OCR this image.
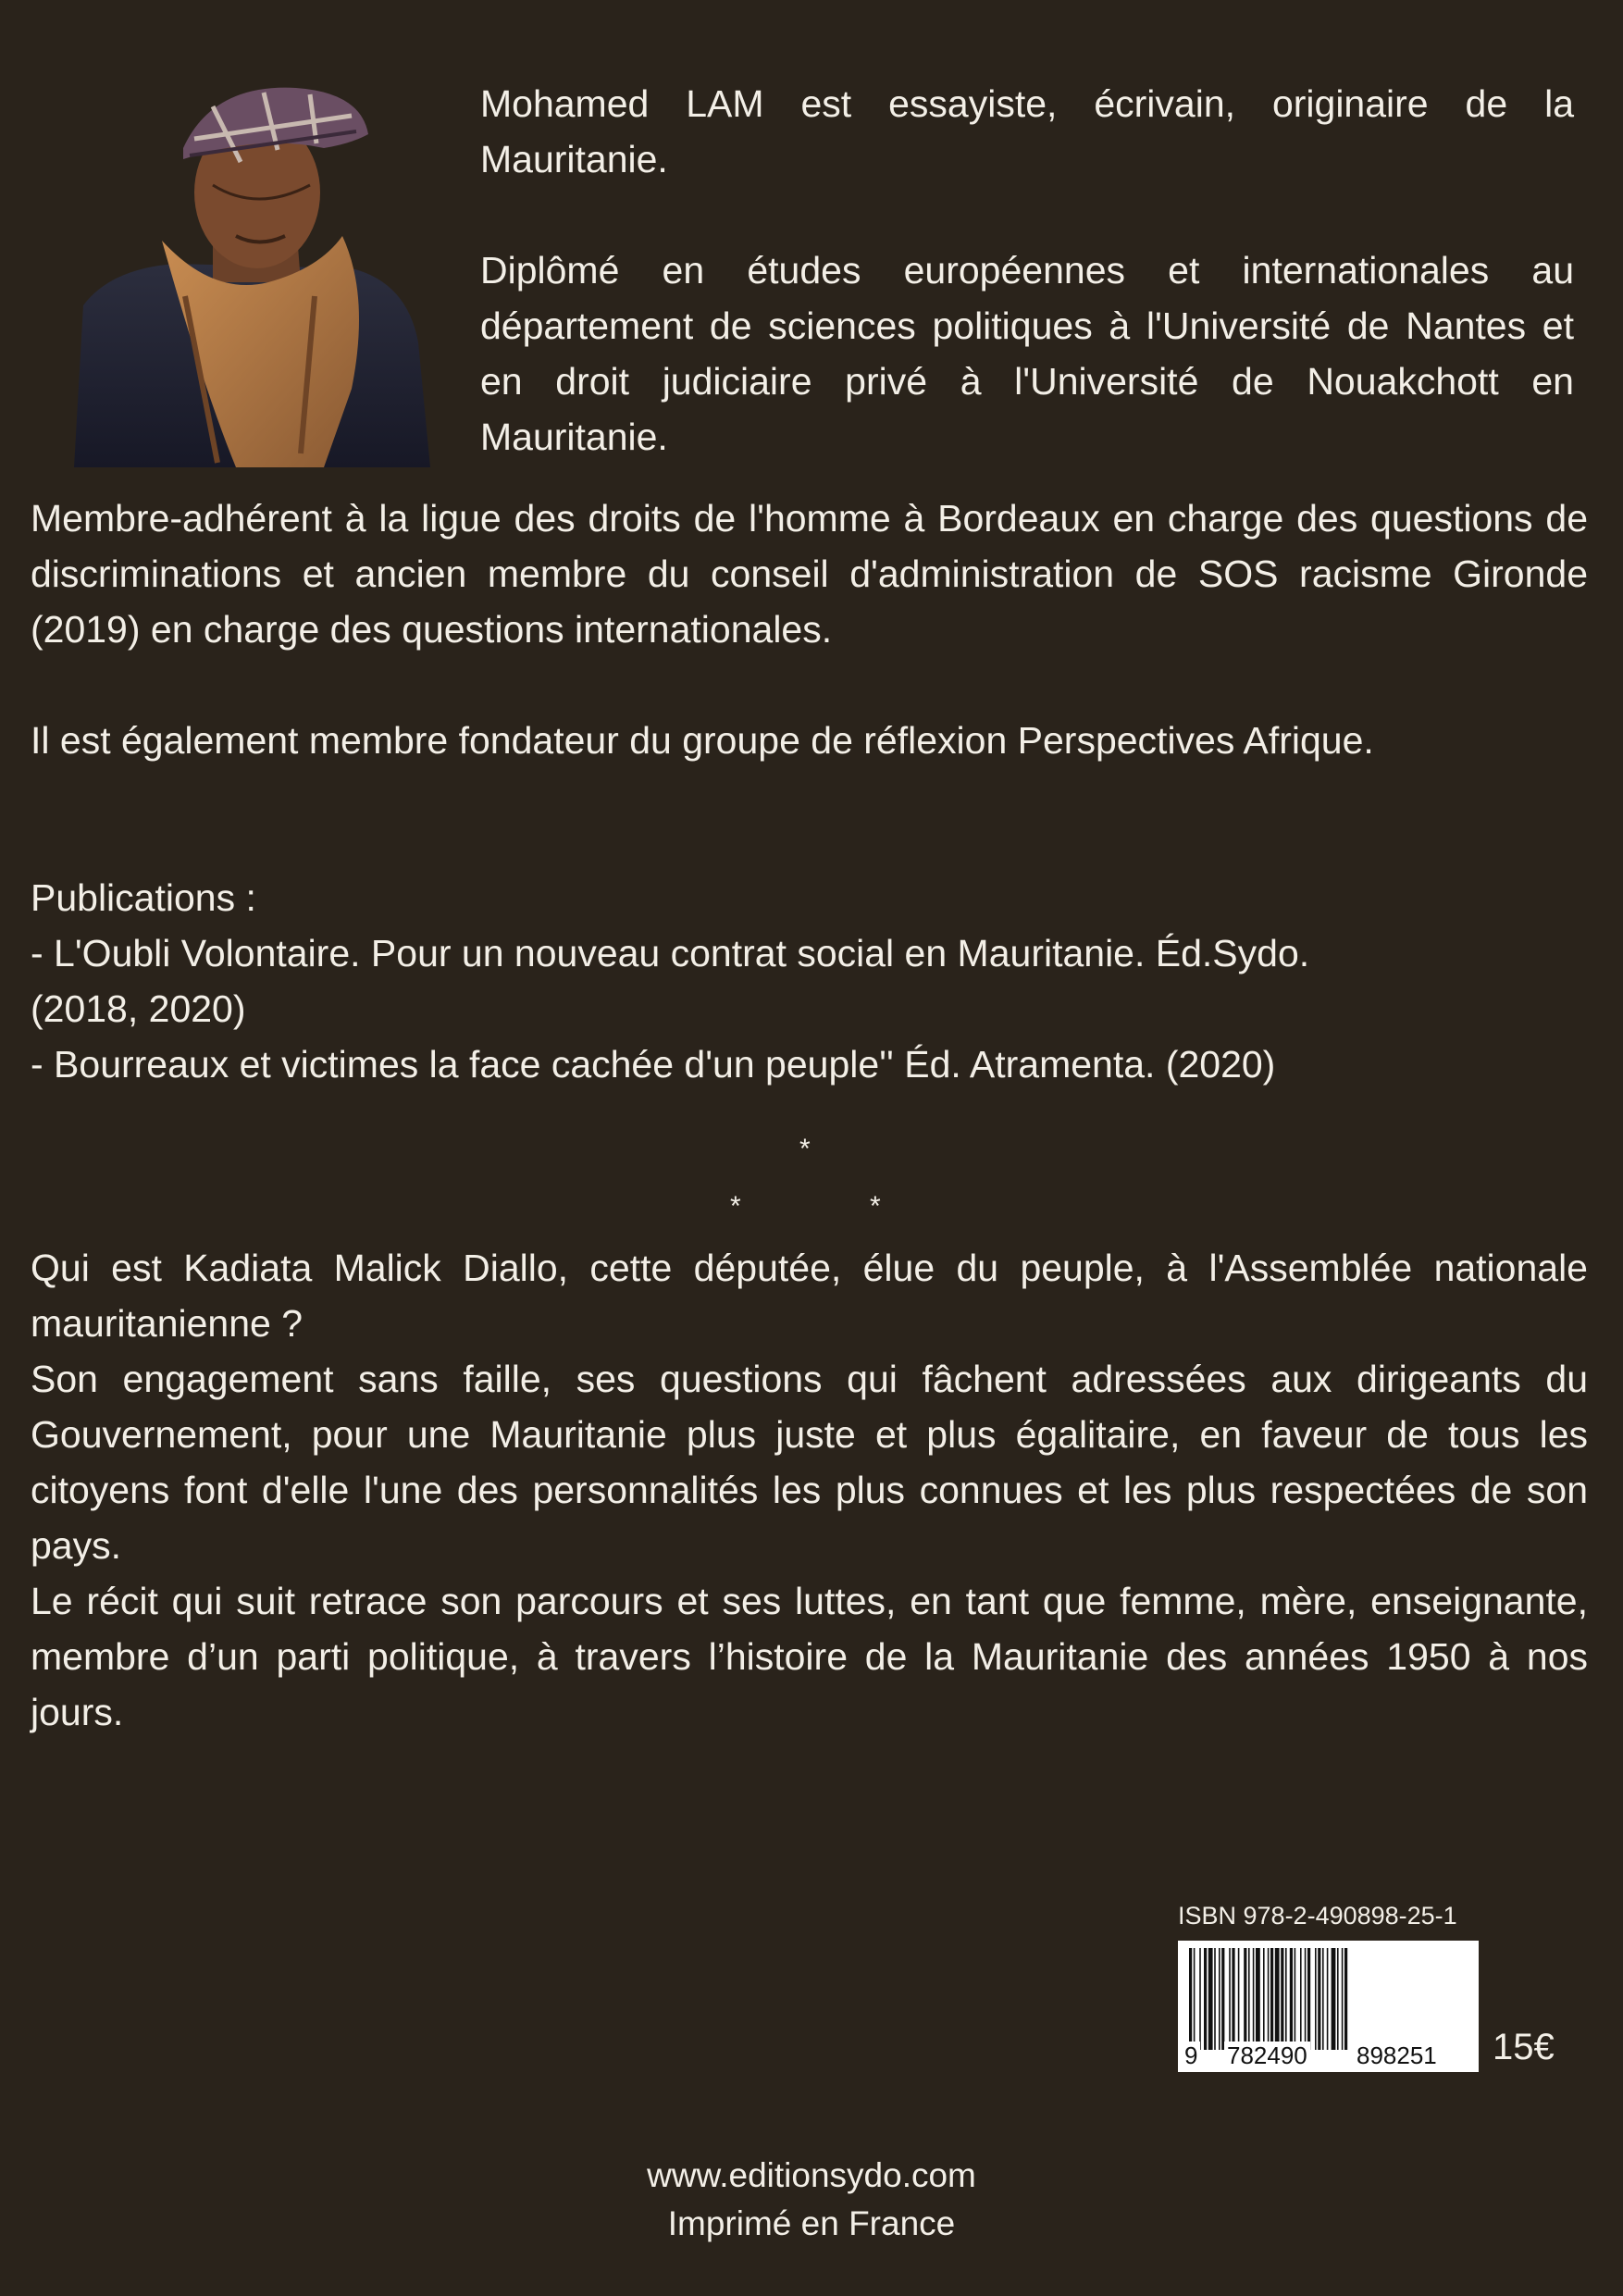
Mohamed LAM est essayiste, écrivain, originaire de la Mauritanie.

Diplômé en études européennes et internationales au département de sciences politiques à l'Université de Nantes et en droit judiciaire privé à l'Université de Nouakchott en Mauritanie.

Membre-adhérent à la ligue des droits de l'homme à Bordeaux en charge des questions de discriminations et ancien membre du conseil d'administration de SOS racisme Gironde (2019) en charge des questions internationales.

Il est également membre fondateur du groupe de réflexion Perspectives Afrique.

Publications :
- L'Oubli Volontaire. Pour un nouveau contrat social en Mauritanie. Éd.Sydo.
(2018, 2020)
- Bourreaux et victimes la face cachée d'un peuple'' Éd. Atramenta. (2020)
*
*	*

Qui est Kadiata Malick Diallo, cette députée, élue du peuple, à l'Assemblée nationale mauritanienne ?

Son engagement sans faille, ses questions qui fâchent adressées aux dirigeants du Gouvernement, pour une Mauritanie plus juste et plus égalitaire, en faveur de tous les citoyens font d'elle l'une des personnalités les plus connues et les plus respectées de son pays.

Le récit qui suit retrace son parcours et ses luttes, en tant que femme, mère, enseignante, membre d’un parti politique, à travers l’histoire de la Mauritanie des années 1950 à nos jours.

ISBN 978-2-490898-25-1
9 782490 898251 15€
www.editionsydo.com
Imprimé en France
